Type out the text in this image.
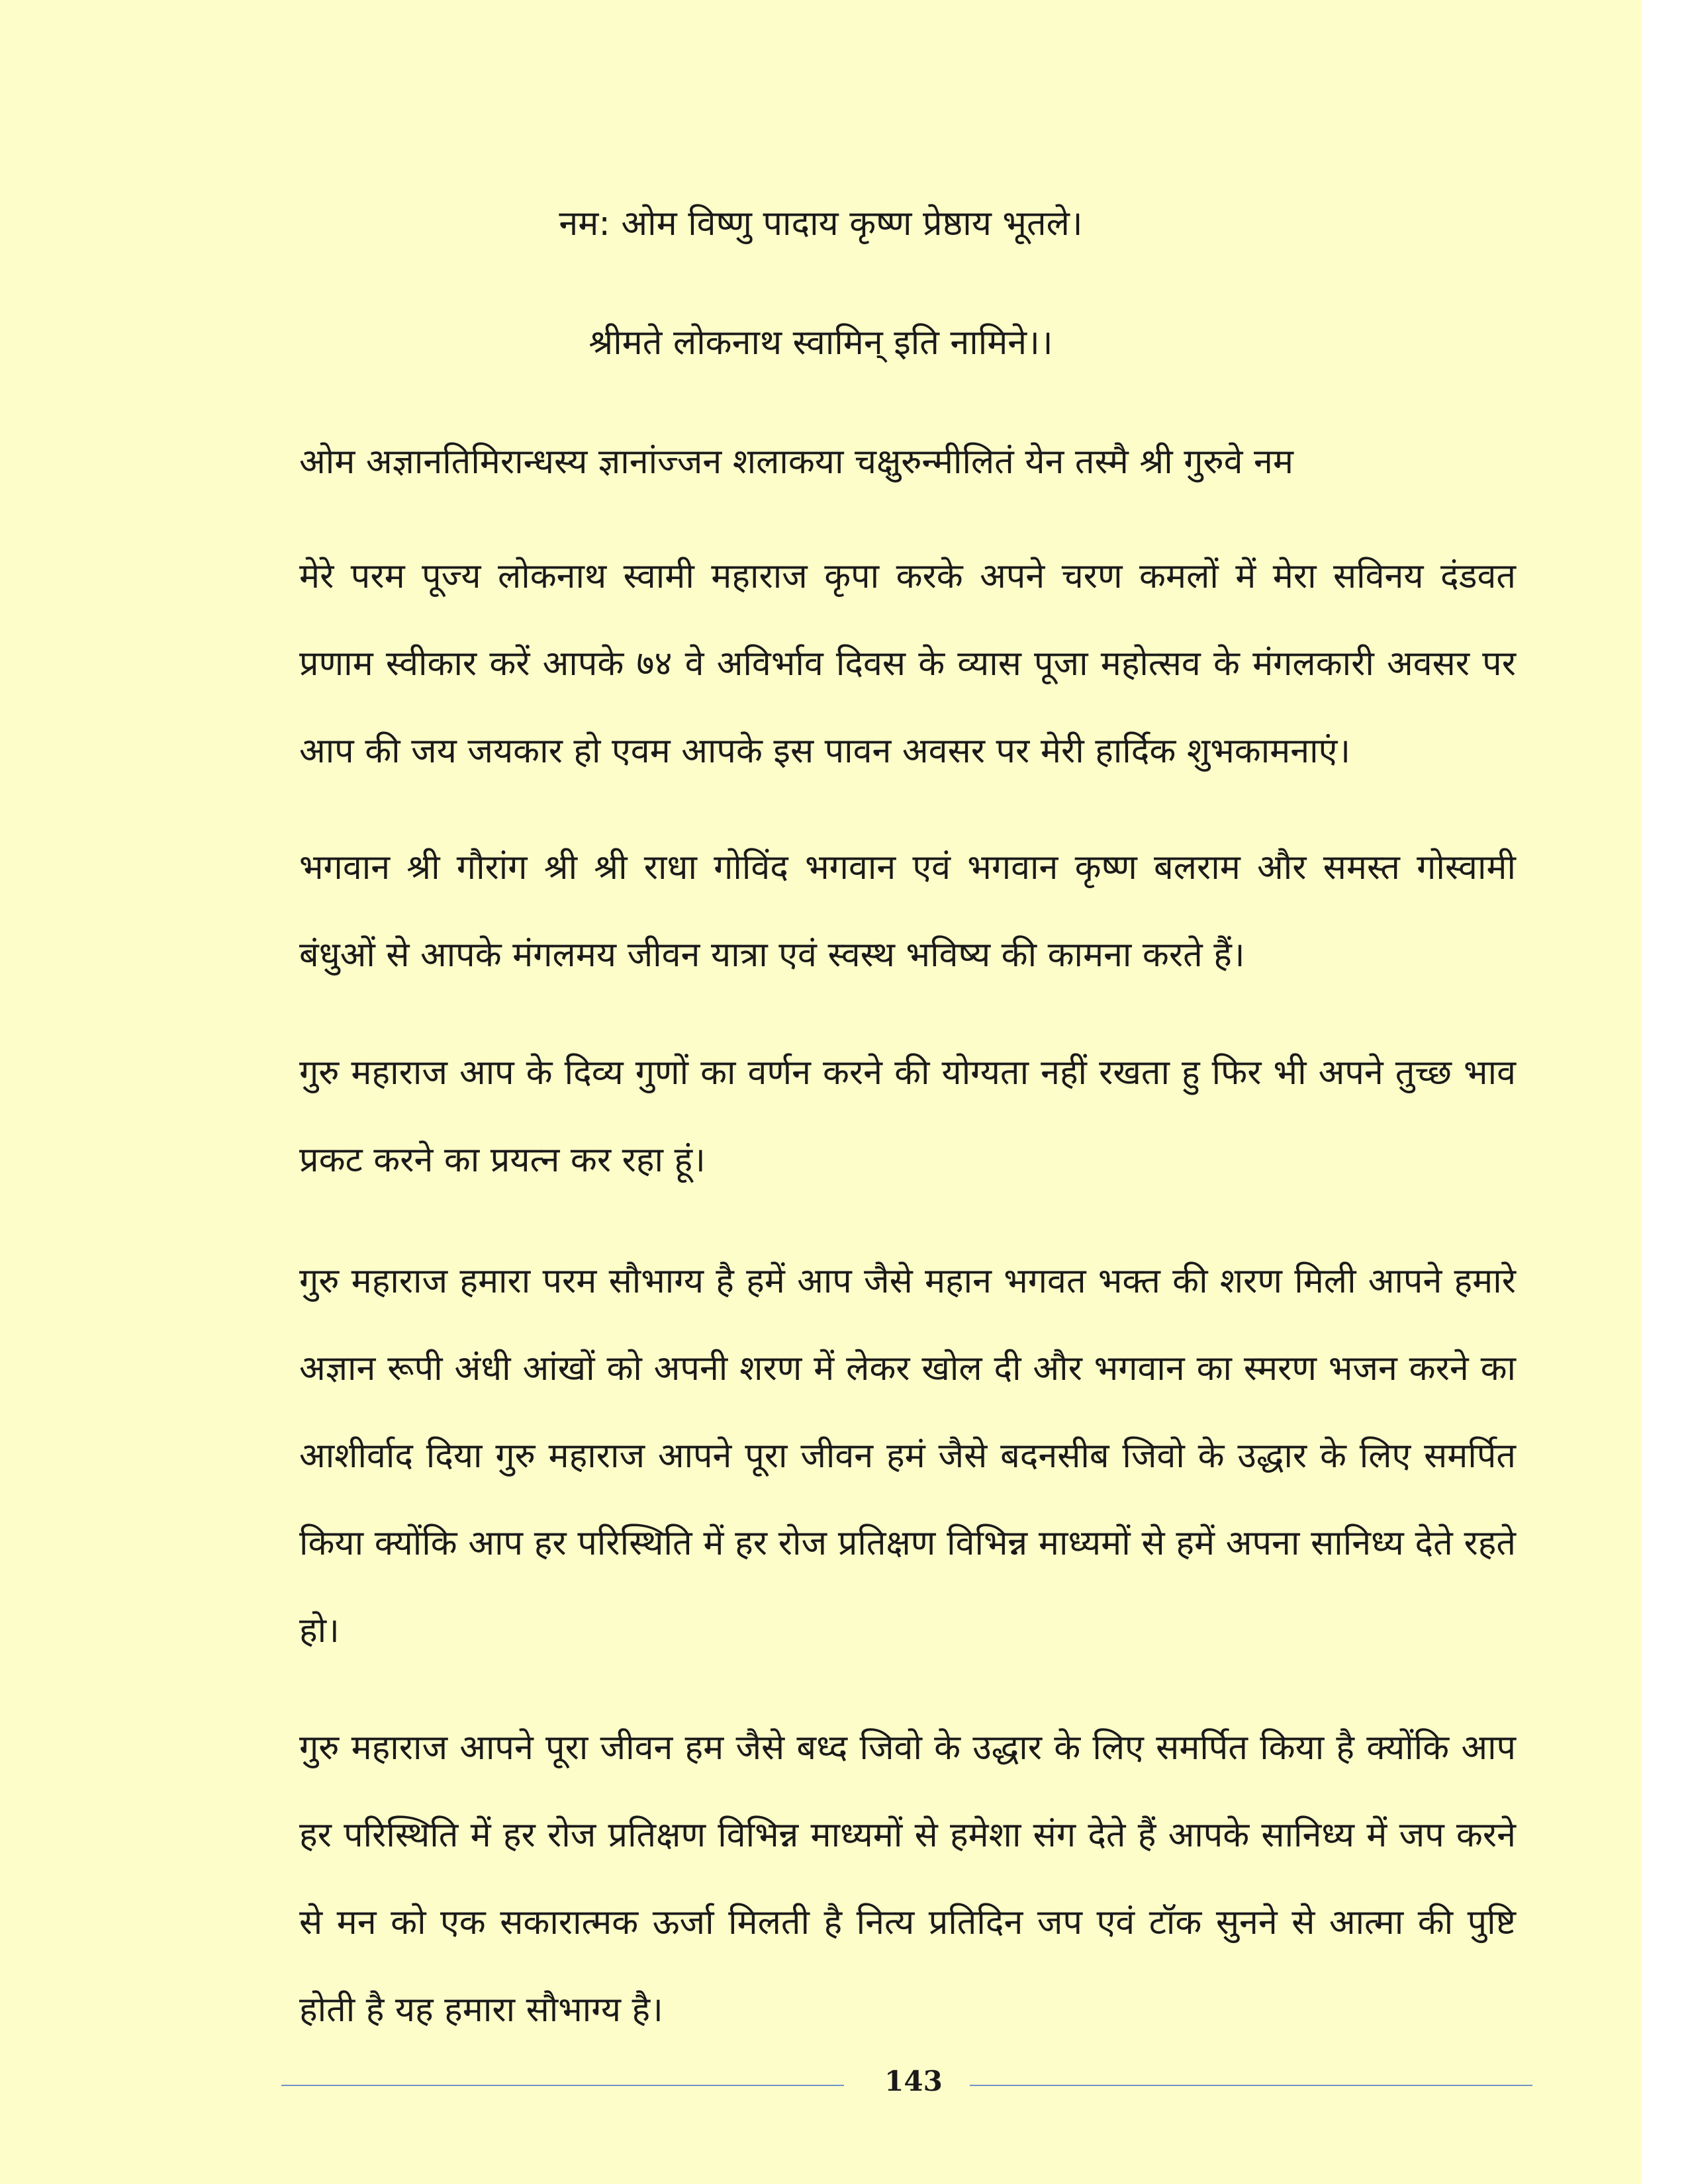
नम: ओम विष्णु पादाय कृष्ण प्रेष्ठाय भूतले।
श्रीमते लोकनाथ स्वामिन् इति नामिने।।
ओम अज्ञानतिमिरान्धस्य ज्ञानांज्जन शलाकया चक्षुरुन्मीलितं येन तस्मै श्री गुरुवे नम
मेरे परम पूज्य लोकनाथ स्वामी महाराज कृपा करके अपने चरण कमलों में मेरा सविनय दंडवत प्रणाम स्वीकार करें आपके ७४ वे अविर्भाव दिवस के व्यास पूजा महोत्सव के मंगलकारी अवसर पर आप की जय जयकार हो एवम आपके इस पावन अवसर पर मेरी हार्दिक शुभकामनाएं।
भगवान श्री गौरांग श्री श्री राधा गोविंद भगवान एवं भगवान कृष्ण बलराम और समस्त गोस्वामी बंधुओं से आपके मंगलमय जीवन यात्रा एवं स्वस्थ भविष्य की कामना करते हैं।
गुरु महाराज आप के दिव्य गुणों का वर्णन करने की योग्यता नहीं रखता हु फिर भी अपने तुच्छ भाव प्रकट करने का प्रयत्न कर रहा हूं।
गुरु महाराज हमारा परम सौभाग्य है हमें आप जैसे महान भगवत भक्त की शरण मिली आपने हमारे अज्ञान रूपी अंधी आंखों को अपनी शरण में लेकर खोल दी और भगवान का स्मरण भजन करने का आशीर्वाद दिया गुरु महाराज आपने पूरा जीवन हमं जैसे बदनसीब जिवो के उद्धार के लिए समर्पित किया क्योंकि आप हर परिस्थिति में हर रोज प्रतिक्षण विभिन्न माध्यमों से हमें अपना सानिध्य देते रहते हो।
गुरु महाराज आपने पूरा जीवन हम जैसे बध्द जिवो के उद्धार के लिए समर्पित किया है क्योंकि आप हर परिस्थिति में हर रोज प्रतिक्षण विभिन्न माध्यमों से हमेशा संग देते हैं आपके सानिध्य में जप करने से मन को एक सकारात्मक ऊर्जा मिलती है नित्य प्रतिदिन जप एवं टॉक सुनने से आत्मा की पुष्टि होती है यह हमारा सौभाग्य है।
143
